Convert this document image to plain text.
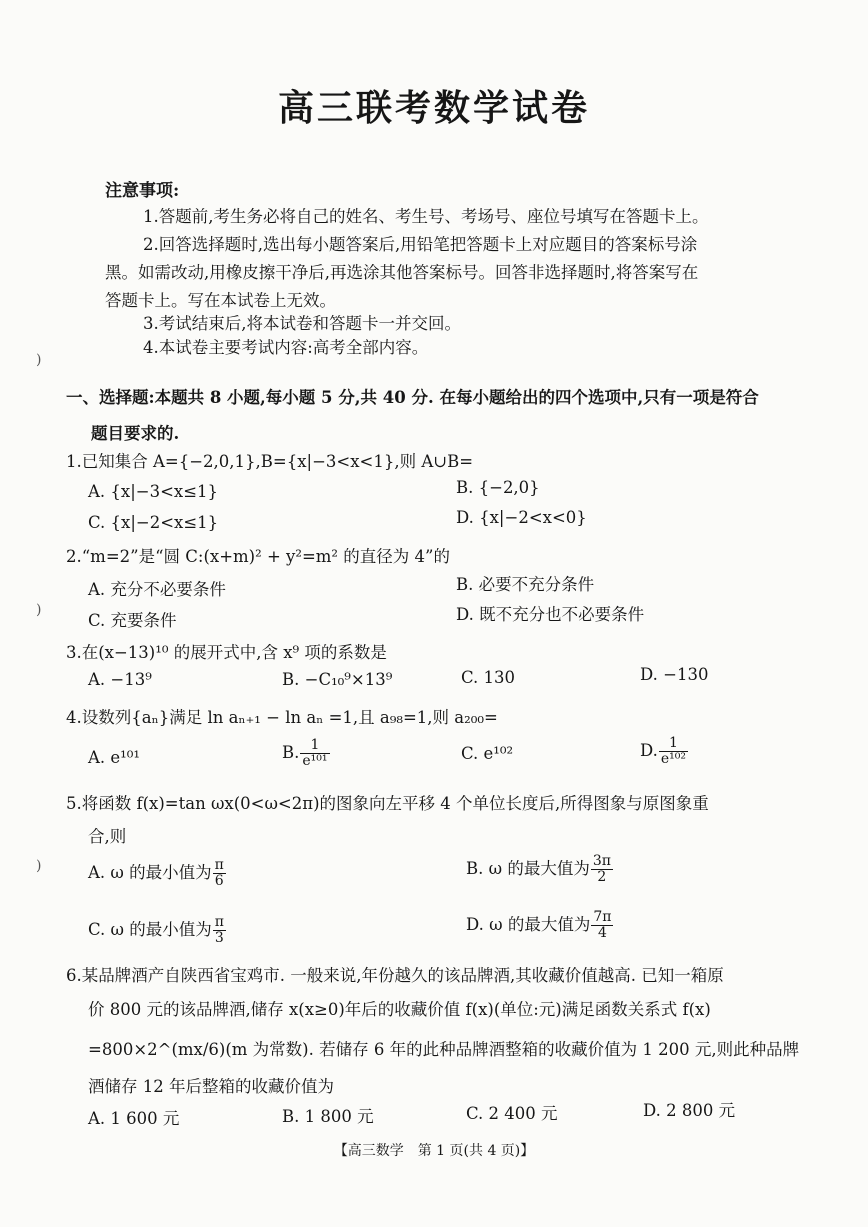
高三联考数学试卷
注意事项:
1.答题前,考生务必将自己的姓名、考生号、考场号、座位号填写在答题卡上。
2.回答选择题时,选出每小题答案后,用铅笔把答题卡上对应题目的答案标号涂
黑。如需改动,用橡皮擦干净后,再选涂其他答案标号。回答非选择题时,将答案写在
答题卡上。写在本试卷上无效。
3.考试结束后,将本试卷和答题卡一并交回。
4.本试卷主要考试内容:高考全部内容。
)
)
)
一、选择题:本题共 8 小题,每小题 5 分,共 40 分. 在每小题给出的四个选项中,只有一项是符合
题目要求的.
1.已知集合 A={−2,0,1},B={x|−3<x<1},则 A∪B=
A. {x|−3<x≤1}	B. {−2,0}
C. {x|−2<x≤1}	D. {x|−2<x<0}
2.“m=2”是“圆 C:(x+m)² + y²=m² 的直径为 4”的
A. 充分不必要条件	B. 必要不充分条件
C. 充要条件	D. 既不充分也不必要条件
3.在(x−13)¹⁰ 的展开式中,含 x⁹ 项的系数是
A. −13⁹	B. −C₁₀⁹×13⁹	C. 130	D. −130
4.设数列{aₙ}满足 ln aₙ₊₁ − ln aₙ =1,且 a₉₈=1,则 a₂₀₀=
A. e¹⁰¹	B. $\frac{1}{\text{e¹⁰¹}}$	C. e¹⁰²	D. $\frac{1}{\text{e¹⁰²}}$
5.将函数 f(x)=tan ωx(0<ω<2π)的图象向左平移 4 个单位长度后,所得图象与原图象重
合,则
A. ω 的最小值为 $\frac{\pi}{6}$	B. ω 的最大值为 $\frac{3\pi}{2}$
C. ω 的最小值为 $\frac{\pi}{3}$	D. ω 的最大值为 $\frac{7\pi}{4}$
6.某品牌酒产自陕西省宝鸡市. 一般来说,年份越久的该品牌酒,其收藏价值越高. 已知一箱原
价 800 元的该品牌酒,储存 x(x≥0)年后的收藏价值 f(x)(单位:元)满足函数关系式 f(x)
=800×2^(mx/6)(m 为常数). 若储存 6 年的此种品牌酒整箱的收藏价值为 1 200 元,则此种品牌
酒储存 12 年后整箱的收藏价值为
A. 1 600 元	B. 1 800 元	C. 2 400 元	D. 2 800 元
【高三数学　第 1 页(共 4 页)】
